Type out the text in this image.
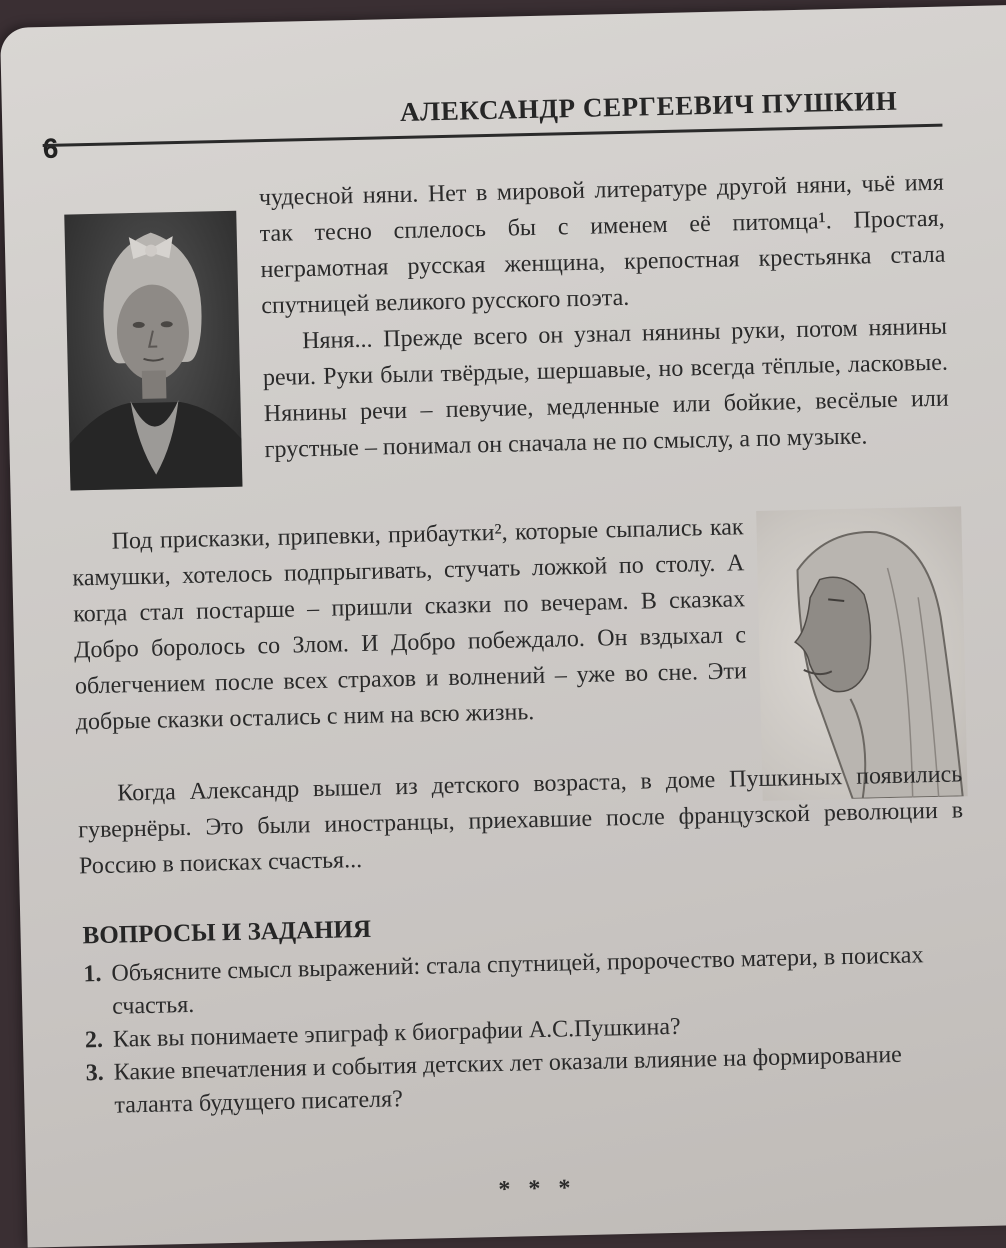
6
АЛЕКСАНДР СЕРГЕЕВИЧ ПУШКИН

чудесной няни. Нет в мировой литературе другой няни, чьё имя так тесно сплелось бы с именем её питомца¹. Простая, неграмотная русская женщина, крепостная крестьянка стала спутницей великого русского поэта.

Няня... Прежде всего он узнал нянины руки, потом нянины речи. Руки были твёрдые, шершавые, но всегда тёплые, ласковые. Нянины речи – певучие, медленные или бойкие, весёлые или грустные – понимал он сначала не по смыслу, а по музыке.

Под присказки, припевки, прибаутки², которые сыпались как камушки, хотелось подпрыгивать, стучать ложкой по столу. А когда стал постарше – пришли сказки по вечерам. В сказках Добро боролось со Злом. И Добро побеждало. Он вздыхал с облегчением после всех страхов и волнений – уже во сне. Эти добрые сказки остались с ним на всю жизнь.

Когда Александр вышел из детского возраста, в доме Пушкиных появились гувернёры. Это были иностранцы, приехавшие после французской революции в Россию в поисках счастья...

ВОПРОСЫ И ЗАДАНИЯ
1. Объясните смысл выражений: стала спутницей, пророчество матери, в поисках счастья.
2. Как вы понимаете эпиграф к биографии А.С.Пушкина?
3. Какие впечатления и события детских лет оказали влияние на формирование таланта будущего писателя?
* * *
